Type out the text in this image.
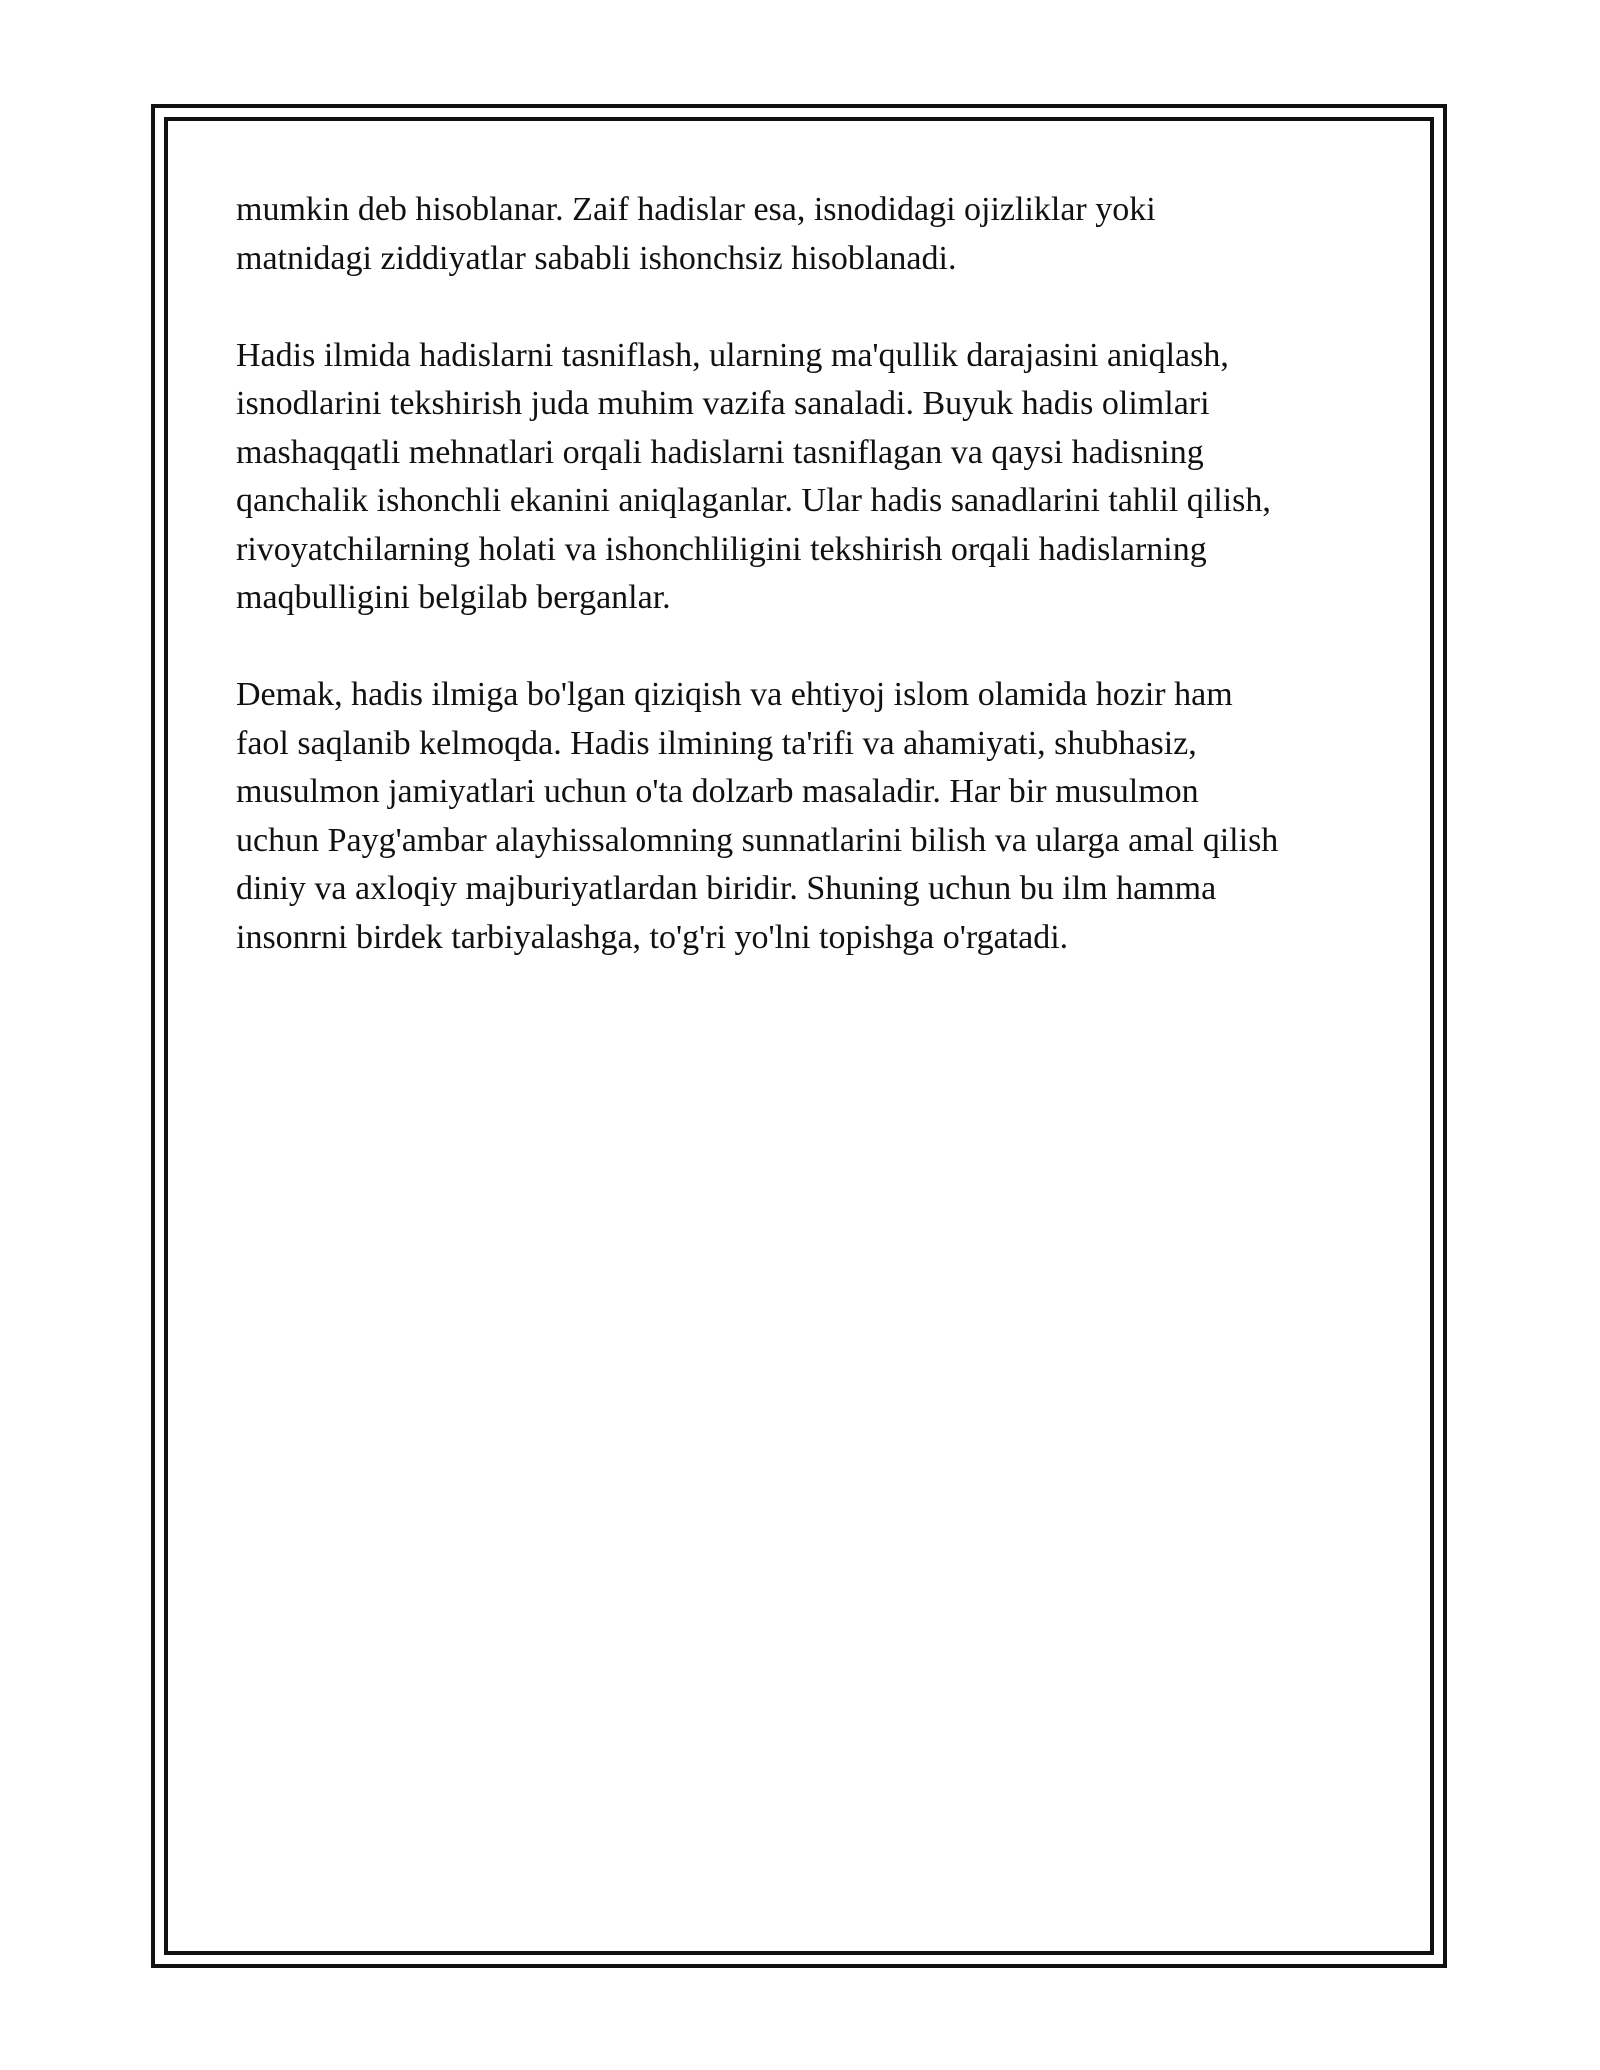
mumkin deb hisoblanar. Zaif hadislar esa, isnodidagi ojizliklar yoki
matnidagi ziddiyatlar sababli ishonchsiz hisoblanadi.

Hadis ilmida hadislarni tasniflash, ularning ma'qullik darajasini aniqlash,
isnodlarini tekshirish juda muhim vazifa sanaladi. Buyuk hadis olimlari
mashaqqatli mehnatlari orqali hadislarni tasniflagan va qaysi hadisning
qanchalik ishonchli ekanini aniqlaganlar. Ular hadis sanadlarini tahlil qilish,
rivoyatchilarning holati va ishonchliligini tekshirish orqali hadislarning
maqbulligini belgilab berganlar.

Demak, hadis ilmiga bo'lgan qiziqish va ehtiyoj islom olamida hozir ham
faol saqlanib kelmoqda. Hadis ilmining ta'rifi va ahamiyati, shubhasiz,
musulmon jamiyatlari uchun o'ta dolzarb masaladir. Har bir musulmon
uchun Payg'ambar alayhissalomning sunnatlarini bilish va ularga amal qilish
diniy va axloqiy majburiyatlardan biridir. Shuning uchun bu ilm hamma
insonrni birdek tarbiyalashga, to'g'ri yo'lni topishga o'rgatadi.
